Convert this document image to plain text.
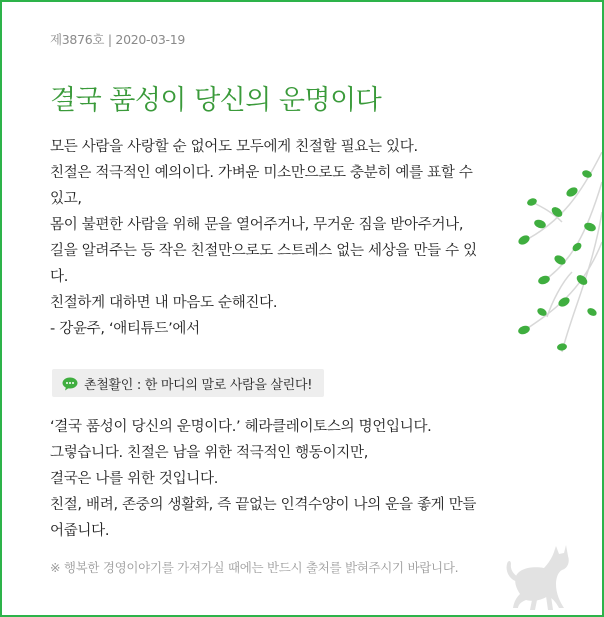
제3876호 | 2020-03-19
결국 품성이 당신의 운명이다
모든 사람을 사랑할 순 없어도 모두에게 친절할 필요는 있다.
친절은 적극적인 예의이다. 가벼운 미소만으로도 충분히 예를 표할 수
있고,
몸이 불편한 사람을 위해 문을 열어주거나, 무거운 짐을 받아주거나,
길을 알려주는 등 작은 친절만으로도 스트레스 없는 세상을 만들 수 있
다.
친절하게 대하면 내 마음도 순해진다.
- 강윤주, ‘애티튜드’에서
촌철활인 : 한 마디의 말로 사람을 살린다!
‘결국 품성이 당신의 운명이다.’ 헤라클레이토스의 명언입니다.
그렇습니다. 친절은 남을 위한 적극적인 행동이지만,
결국은 나를 위한 것입니다.
친절, 배려, 존중의 생활화, 즉 끝없는 인격수양이 나의 운을 좋게 만들
어줍니다.
※ 행복한 경영이야기를 가져가실 때에는 반드시 출처를 밝혀주시기 바랍니다.
